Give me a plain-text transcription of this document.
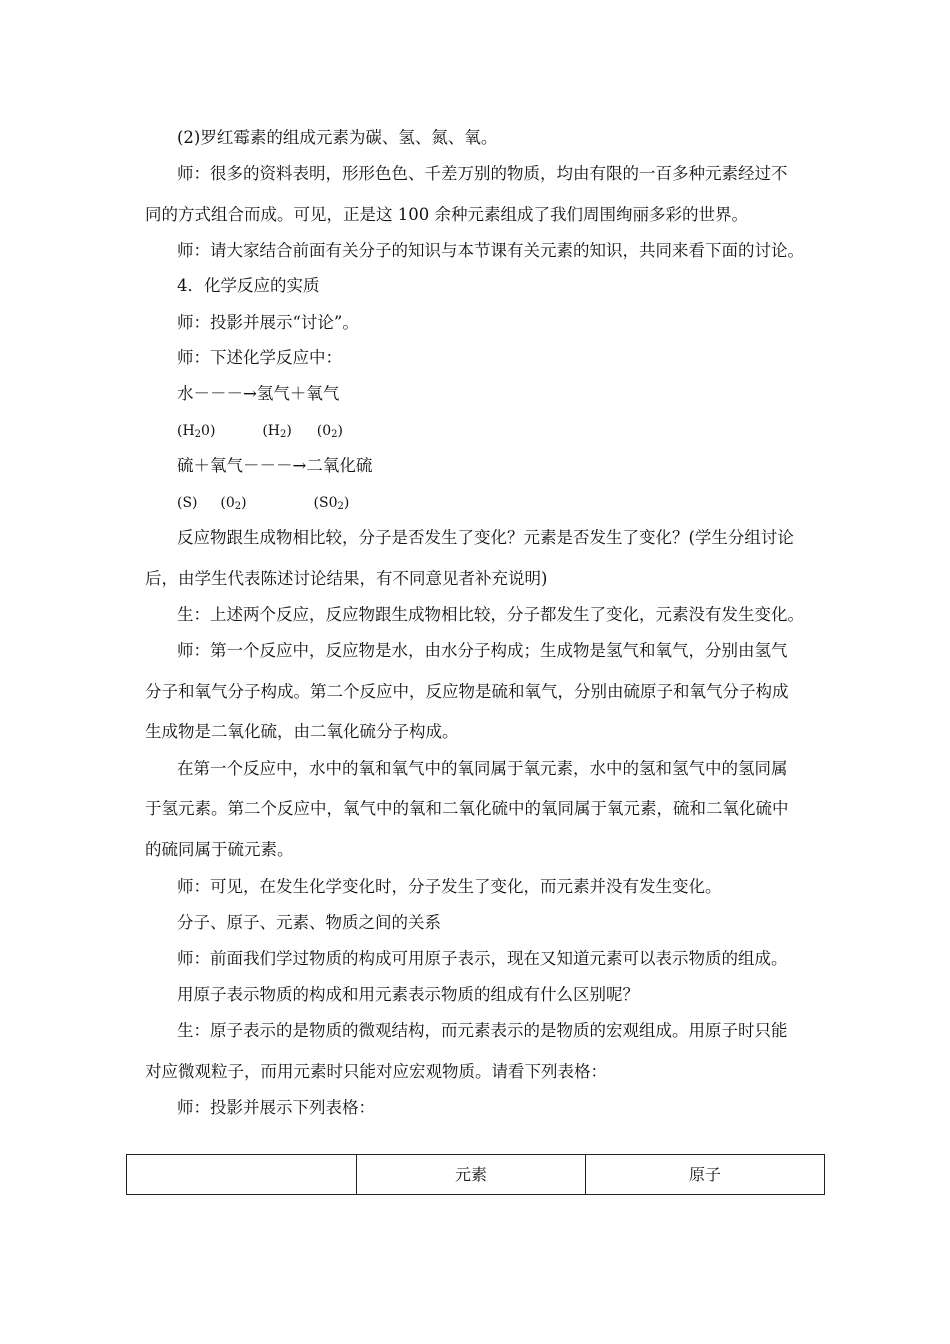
(2)罗红霉素的组成元素为碳、氢、氮、氧。
师：很多的资料表明，形形色色、千差万别的物质，均由有限的一百多种元素经过不
同的方式组合而成。可见，正是这 100 余种元素组成了我们周围绚丽多彩的世界。
师：请大家结合前面有关分子的知识与本节课有关元素的知识，共同来看下面的讨论。
4．化学反应的实质
师：投影并展示“讨论”。
师：下述化学反应中：
水－－－→氢气＋氧气
$(H_20)$	$(H_2)$ $(0_2)$
硫＋氧气－－－→二氧化硫
(S) $(0_2)$	$(S0_2)$
反应物跟生成物相比较，分子是否发生了变化？元素是否发生了变化？(学生分组讨论
后，由学生代表陈述讨论结果，有不同意见者补充说明)
生：上述两个反应，反应物跟生成物相比较，分子都发生了变化，元素没有发生变化。
师：第一个反应中，反应物是水，由水分子构成；生成物是氢气和氧气，分别由氢气
分子和氧气分子构成。第二个反应中，反应物是硫和氧气，分别由硫原子和氧气分子构成
生成物是二氧化硫，由二氧化硫分子构成。
在第一个反应中，水中的氧和氧气中的氧同属于氧元素，水中的氢和氢气中的氢同属
于氢元素。第二个反应中，氧气中的氧和二氧化硫中的氧同属于氧元素，硫和二氧化硫中
的硫同属于硫元素。
师：可见，在发生化学变化时，分子发生了变化，而元素并没有发生变化。
分子、原子、元素、物质之间的关系
师：前面我们学过物质的构成可用原子表示，现在又知道元素可以表示物质的组成。
用原子表示物质的构成和用元素表示物质的组成有什么区别呢？
生：原子表示的是物质的微观结构，而元素表示的是物质的宏观组成。用原子时只能
对应微观粒子，而用元素时只能对应宏观物质。请看下列表格：
师：投影并展示下列表格：
	元素	原子
